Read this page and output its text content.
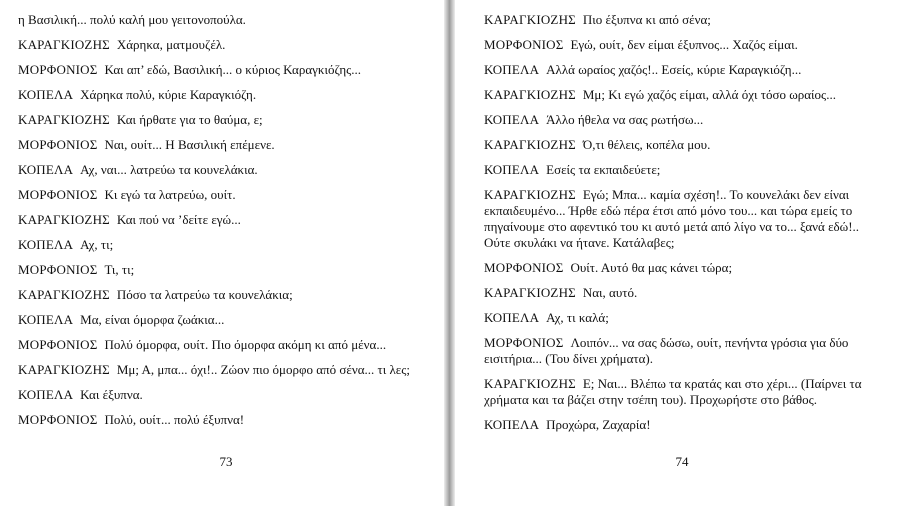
η Βασιλική... πολύ καλή μου γειτονοπούλα.

ΚΑΡΑΓΚΙΟΖΗΣ Χάρηκα, ματμουζέλ.

ΜΟΡΦΟΝΙΟΣ Και απ’ εδώ, Βασιλική... ο κύριος Καραγκιόζης...

ΚΟΠΕΛΑ Χάρηκα πολύ, κύριε Καραγκιόζη.

ΚΑΡΑΓΚΙΟΖΗΣ Και ήρθατε για το θαύμα, ε;

ΜΟΡΦΟΝΙΟΣ Ναι, ουίτ... Η Βασιλική επέμενε.

ΚΟΠΕΛΑ Αχ, ναι... λατρεύω τα κουνελάκια.

ΜΟΡΦΟΝΙΟΣ Κι εγώ τα λατρεύω, ουίτ.

ΚΑΡΑΓΚΙΟΖΗΣ Και πού να ’δείτε εγώ...

ΚΟΠΕΛΑ Αχ, τι;

ΜΟΡΦΟΝΙΟΣ Τι, τι;

ΚΑΡΑΓΚΙΟΖΗΣ Πόσο τα λατρεύω τα κουνελάκια;

ΚΟΠΕΛΑ Μα, είναι όμορφα ζωάκια...

ΜΟΡΦΟΝΙΟΣ Πολύ όμορφα, ουίτ. Πιο όμορφα ακόμη κι από μένα...

ΚΑΡΑΓΚΙΟΖΗΣ Μμ; Α, μπα... όχι!.. Ζώον πιο όμορφο από σένα... τι λες;

ΚΟΠΕΛΑ Και έξυπνα.

ΜΟΡΦΟΝΙΟΣ Πολύ, ουίτ... πολύ έξυπνα!

73

ΚΑΡΑΓΚΙΟΖΗΣ Πιο έξυπνα κι από σένα;

ΜΟΡΦΟΝΙΟΣ Εγώ, ουίτ, δεν είμαι έξυπνος... Χαζός είμαι.

ΚΟΠΕΛΑ Αλλά ωραίος χαζός!.. Εσείς, κύριε Καραγκιόζη...

ΚΑΡΑΓΚΙΟΖΗΣ Μμ; Κι εγώ χαζός είμαι, αλλά όχι τόσο ωραίος...

ΚΟΠΕΛΑ Άλλο ήθελα να σας ρωτήσω...

ΚΑΡΑΓΚΙΟΖΗΣ Ό,τι θέλεις, κοπέλα μου.

ΚΟΠΕΛΑ Εσείς τα εκπαιδεύετε;

ΚΑΡΑΓΚΙΟΖΗΣ Εγώ; Μπα... καμία σχέση!.. Το κουνελάκι δεν είναι εκπαιδευμένο... Ήρθε εδώ πέρα έτσι από μόνο του... και τώρα εμείς το πηγαίνουμε στο αφεντικό του κι αυτό μετά από λίγο να το... ξανά εδώ!.. Ούτε σκυλάκι να ήτανε. Κατάλαβες;

ΜΟΡΦΟΝΙΟΣ Ουίτ. Αυτό θα μας κάνει τώρα;

ΚΑΡΑΓΚΙΟΖΗΣ Ναι, αυτό.

ΚΟΠΕΛΑ Αχ, τι καλά;

ΜΟΡΦΟΝΙΟΣ Λοιπόν... να σας δώσω, ουίτ, πενήντα γρόσια για δύο εισιτήρια... (Του δίνει χρήματα).

ΚΑΡΑΓΚΙΟΖΗΣ Ε; Ναι... Βλέπω τα κρατάς και στο χέρι... (Παίρνει τα χρήματα και τα βάζει στην τσέπη του). Προχωρήστε στο βάθος.

ΚΟΠΕΛΑ Προχώρα, Ζαχαρία!

74
